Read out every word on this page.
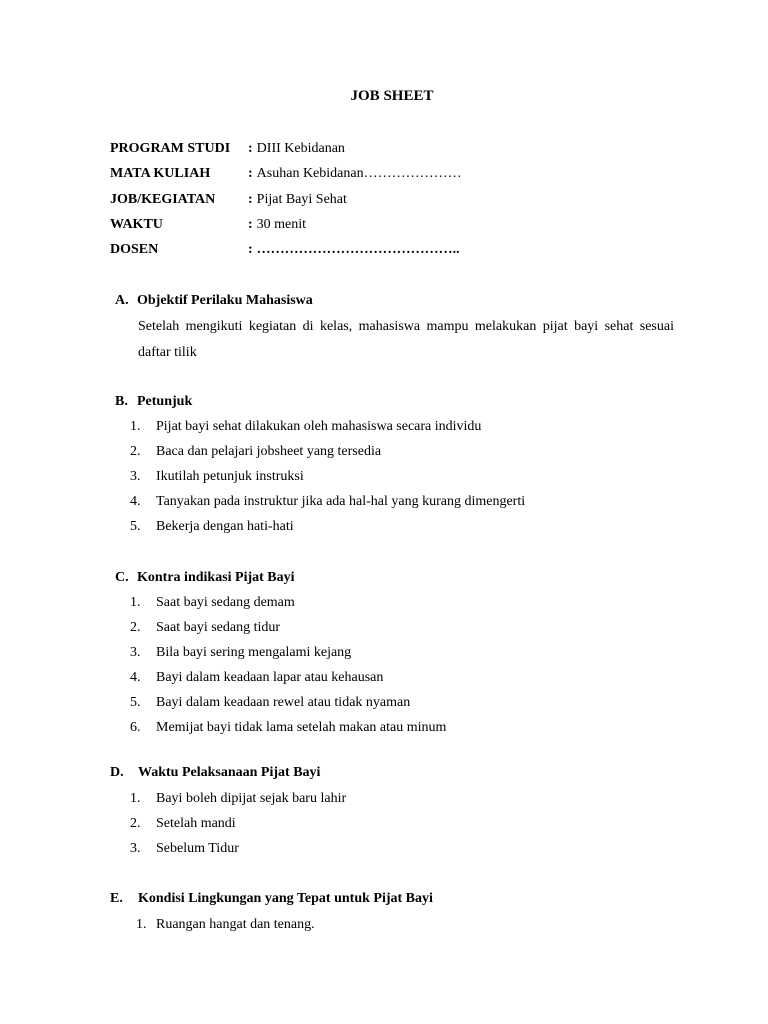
JOB SHEET
PROGRAM STUDI	: DIII Kebidanan
MATA KULIAH	: Asuhan Kebidanan…………………
JOB/KEGIATAN	: Pijat Bayi Sehat
WAKTU	: 30 menit
DOSEN	: ……………………………………..
A. Objektif Perilaku Mahasiswa
Setelah mengikuti kegiatan di kelas, mahasiswa mampu melakukan pijat bayi sehat sesuai daftar tilik
B. Petunjuk
1.	Pijat bayi sehat dilakukan oleh mahasiswa secara individu
2.	Baca dan pelajari jobsheet yang tersedia
3.	Ikutilah petunjuk instruksi
4.	Tanyakan pada instruktur jika ada hal-hal yang kurang dimengerti
5.	Bekerja dengan hati-hati
C. Kontra indikasi Pijat Bayi
1.	Saat bayi sedang demam
2.	Saat bayi sedang tidur
3.	Bila bayi sering mengalami kejang
4.	Bayi dalam keadaan lapar atau kehausan
5.	Bayi dalam keadaan rewel atau tidak nyaman
6.	Memijat bayi tidak lama setelah makan atau minum
D. Waktu Pelaksanaan Pijat Bayi
1.	Bayi boleh dipijat sejak baru lahir
2.	Setelah mandi
3.	Sebelum Tidur
E. Kondisi Lingkungan yang Tepat untuk Pijat Bayi
1. Ruangan hangat dan tenang.
